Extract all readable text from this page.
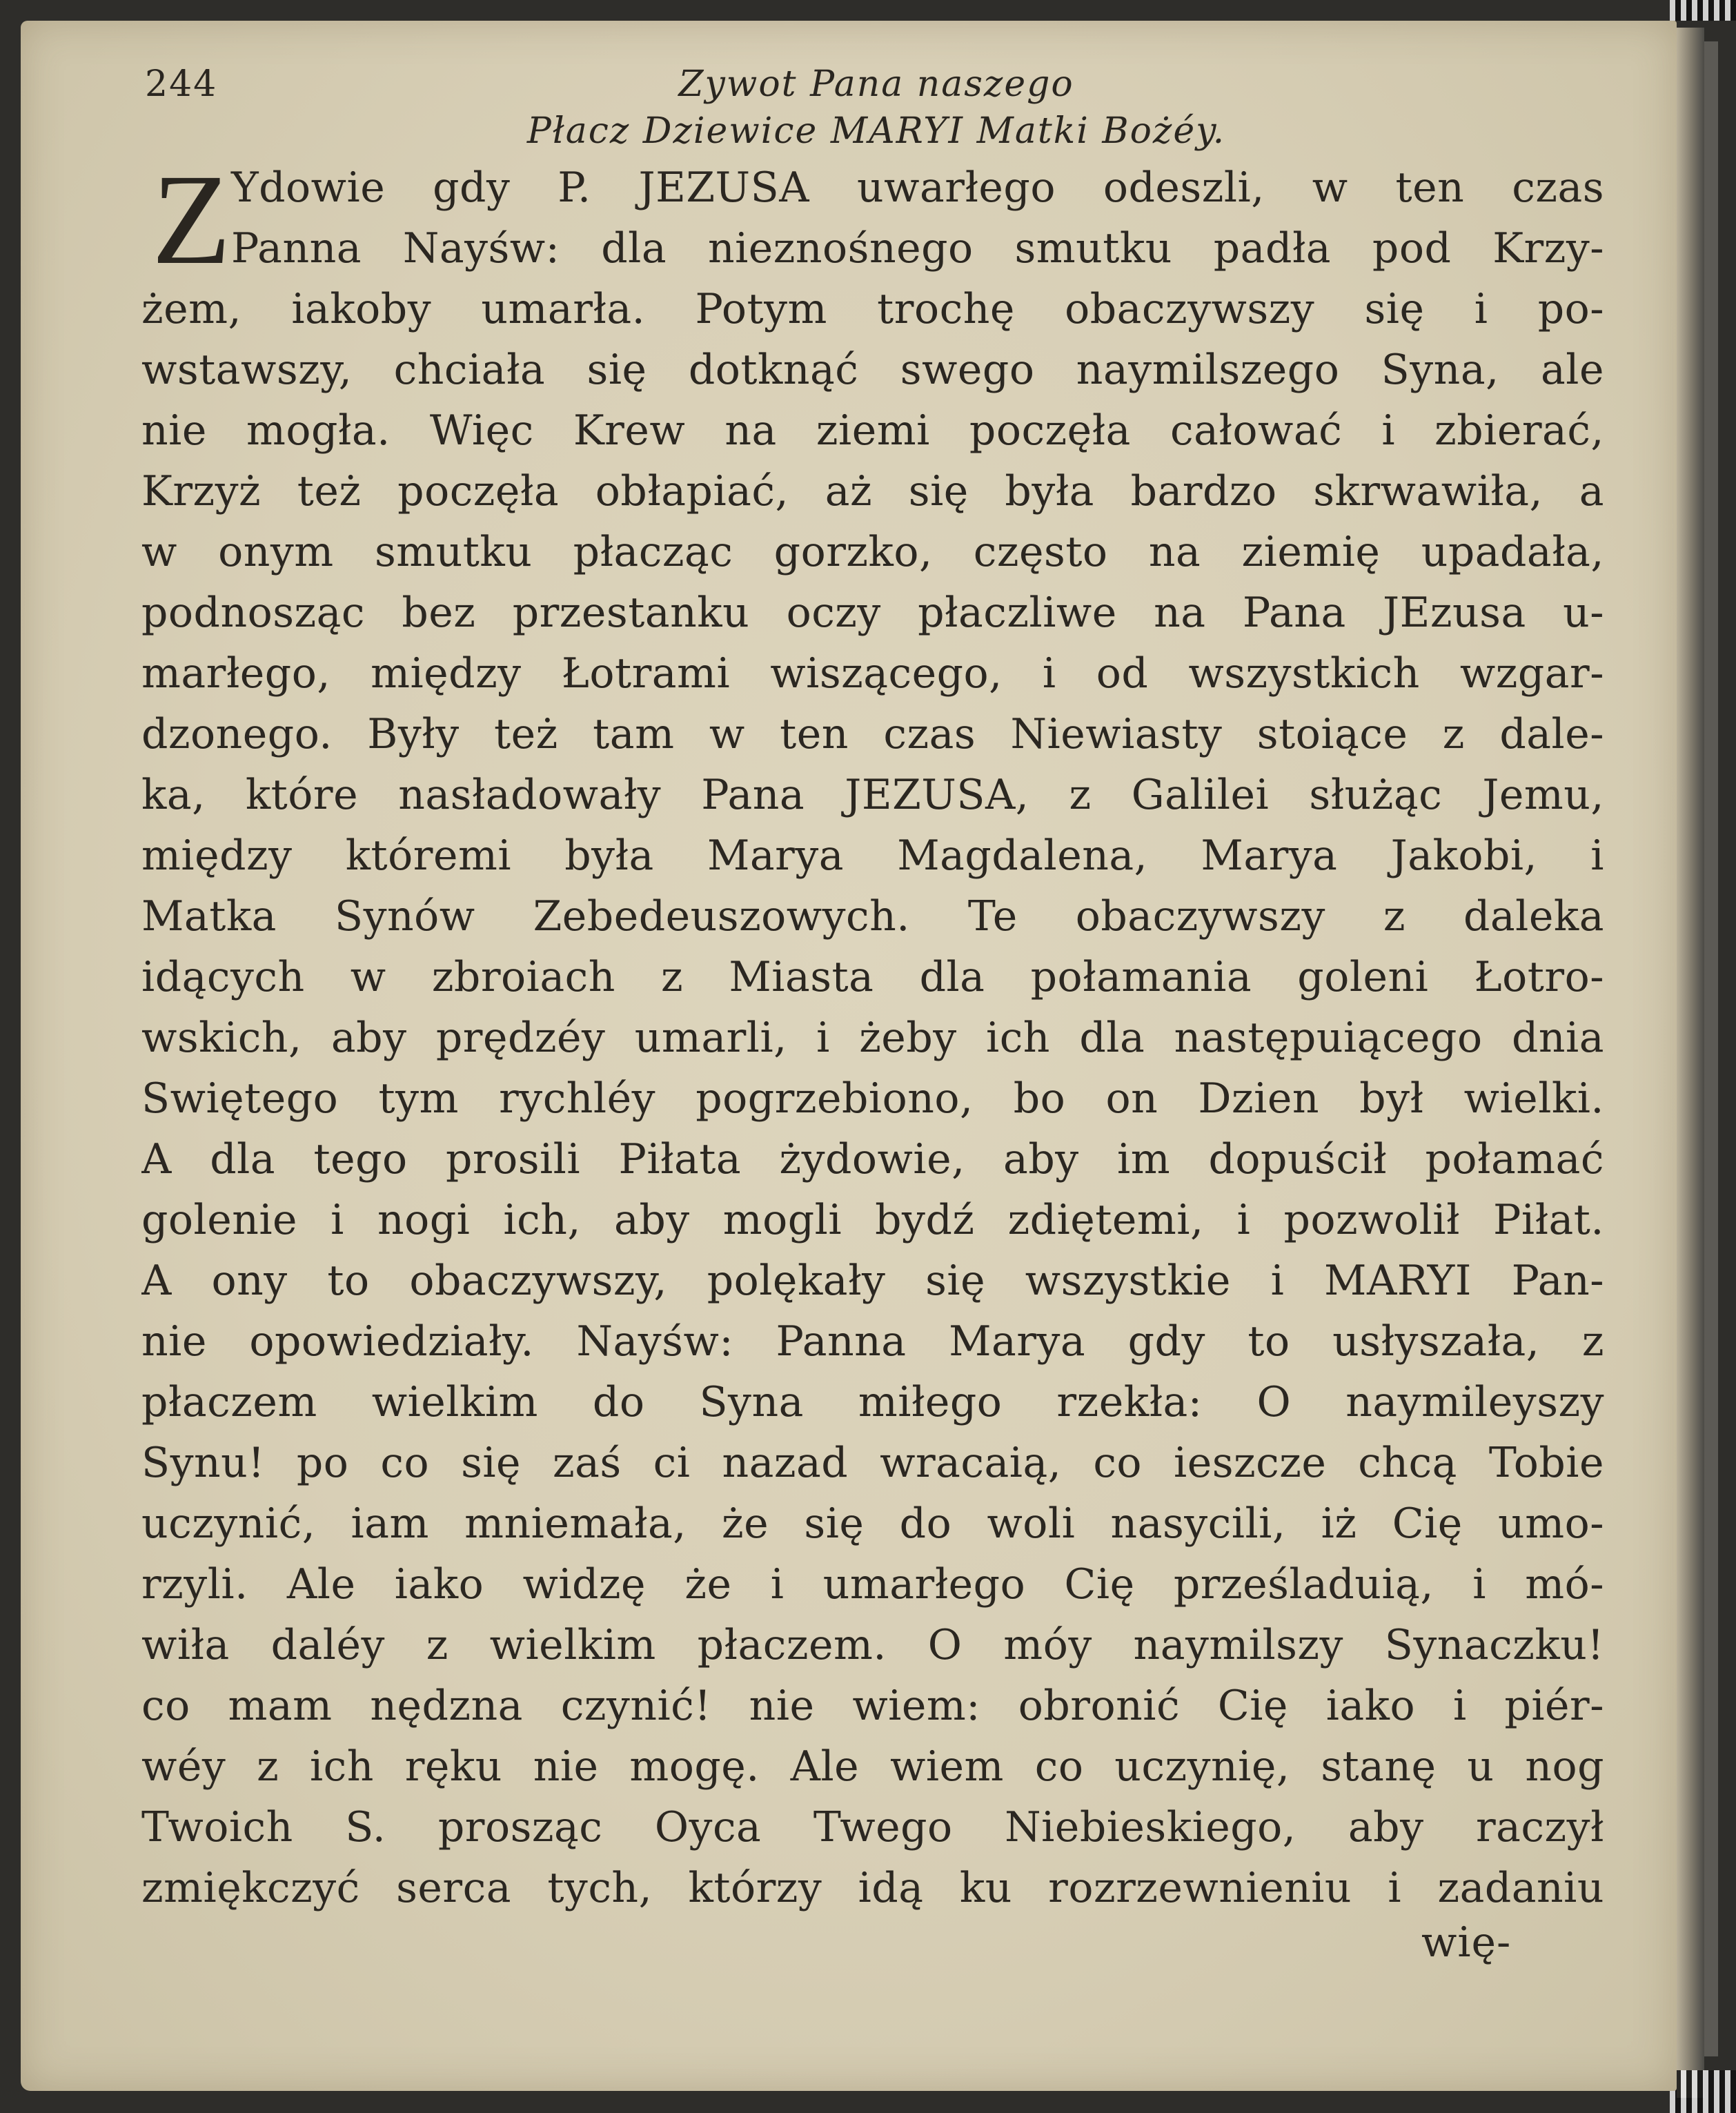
244	Zywot Pana naszego
Płacz Dziewice MARYI Matki Bożéy.
Z Ydowie gdy P. JEZUSA uwarłego odeszli, w ten czas
Panna Nayśw: dla nieznośnego smutku padła pod Krzy-
żem, iakoby umarła. Potym trochę obaczywszy się i po-
wstawszy, chciała się dotknąć swego naymilszego Syna, ale
nie mogła. Więc Krew na ziemi poczęła całować i zbierać,
Krzyż też poczęła obłapiać, aż się była bardzo skrwawiła, a
w onym smutku płacząc gorzko, często na ziemię upadała,
podnosząc bez przestanku oczy płaczliwe na Pana JEzusa u-
marłego, między Łotrami wiszącego, i od wszystkich wzgar-
dzonego. Były też tam w ten czas Niewiasty stoiące z dale-
ka, które nasładowały Pana JEZUSA, z Galilei służąc Jemu,
między któremi była Marya Magdalena, Marya Jakobi, i
Matka Synów Zebedeuszowych. Te obaczywszy z daleka
idących w zbroiach z Miasta dla połamania goleni Łotro-
wskich, aby prędzéy umarli, i żeby ich dla następuiącego dnia
Swiętego tym rychléy pogrzebiono, bo on Dzien był wielki.
A dla tego prosili Piłata żydowie, aby im dopuścił połamać
golenie i nogi ich, aby mogli bydź zdiętemi, i pozwolił Piłat.
A ony to obaczywszy, polękały się wszystkie i MARYI Pan-
nie opowiedziały. Nayśw: Panna Marya gdy to usłyszała, z
płaczem wielkim do Syna miłego rzekła: O naymileyszy
Synu! po co się zaś ci nazad wracaią, co ieszcze chcą Tobie
uczynić, iam mniemała, że się do woli nasycili, iż Cię umo-
rzyli. Ale iako widzę że i umarłego Cię prześladuią, i mó-
wiła daléy z wielkim płaczem. O móy naymilszy Synaczku!
co mam nędzna czynić! nie wiem: obronić Cię iako i piér-
wéy z ich ręku nie mogę. Ale wiem co uczynię, stanę u nog
Twoich S. prosząc Oyca Twego Niebieskiego, aby raczył
zmiękczyć serca tych, którzy idą ku rozrzewnieniu i zadaniu
wię-
